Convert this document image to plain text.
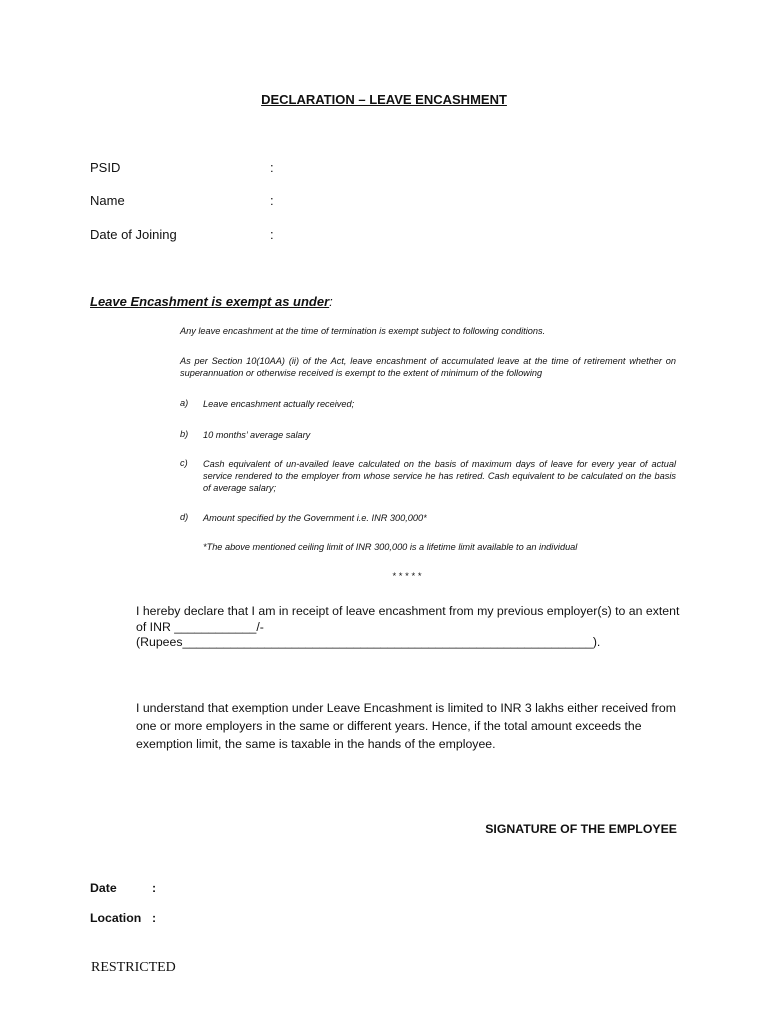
DECLARATION – LEAVE ENCASHMENT
PSID	:
Name	:
Date of Joining	:
Leave Encashment is exempt as under:
Any leave encashment at the time of termination is exempt subject to following conditions.
As per Section 10(10AA) (ii) of the Act, leave encashment of accumulated leave at the time of retirement whether on superannuation or otherwise received is exempt to the extent of minimum of the following
a) Leave encashment actually received;
b) 10 months’ average salary
c) Cash equivalent of un-availed leave calculated on the basis of maximum days of leave for every year of actual service rendered to the employer from whose service he has retired. Cash equivalent to be calculated on the basis of average salary;
d) Amount specified by the Government i.e. INR 300,000*
*The above mentioned ceiling limit of INR 300,000 is a lifetime limit available to an individual
* * * * *
I hereby declare that I am in receipt of leave encashment from my previous employer(s) to an extent of INR ____________/- (Rupees____________________________________________________________).
I understand that exemption under Leave Encashment is limited to INR 3 lakhs either received from one or more employers in the same or different years. Hence, if the total amount exceeds the exemption limit, the same is taxable in the hands of the employee.
SIGNATURE OF THE EMPLOYEE
Date	:
Location :
RESTRICTED
